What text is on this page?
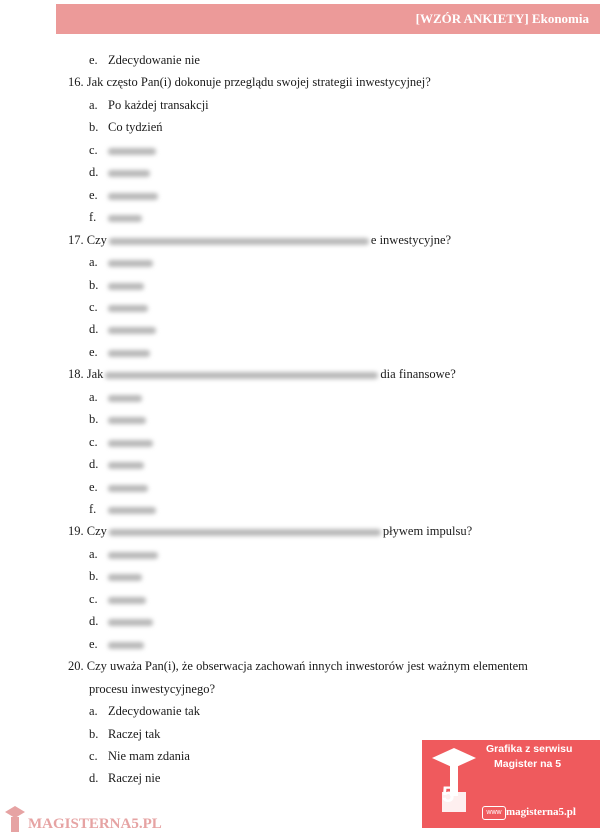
[WZÓR ANKIETY] Ekonomia
e. Zdecydowanie nie
16. Jak często Pan(i) dokonuje przeglądu swojej strategii inwestycyjnej?
a. Po każdej transakcji
b. Co tydzień
c.
d.
e.
f.
17. Czy	e inwestycyjne?
a.
b.
c.
d.
e.
18. Jak	dia finansowe?
a.
b.
c.
d.
e.
f.
19. Czy	pływem impulsu?
a.
b.
c.
d.
e.
20. Czy uważa Pan(i), że obserwacja zachowań innych inwestorów jest ważnym elementem
procesu inwestycyjnego?
a. Zdecydowanie tak
b. Raczej tak
c. Nie mam zdania
d. Raczej nie
Grafika z serwisu
Magister na 5
5
www magisterna5.pl
MAGISTERNA5.PL
